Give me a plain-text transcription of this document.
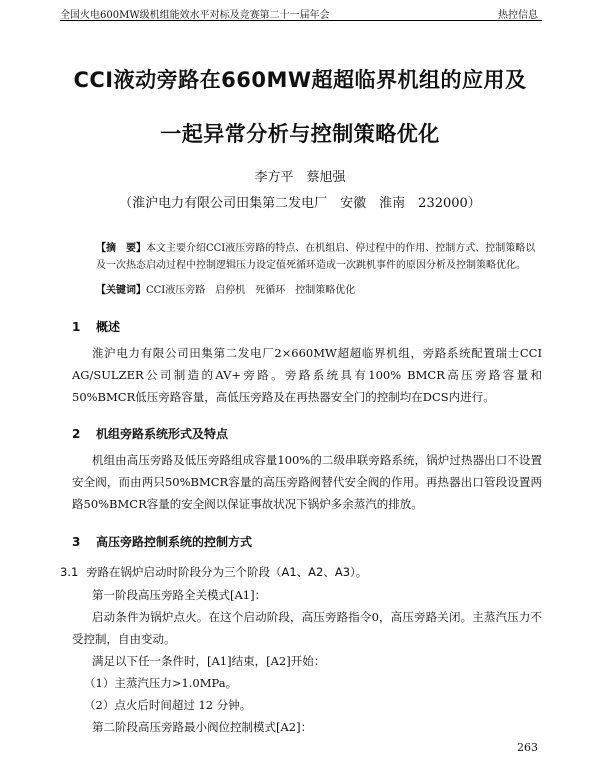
全国火电600MW级机组能效水平对标及竞赛第二十一届年会	热控信息
CCI液动旁路在660MW超超临界机组的应用及
一起异常分析与控制策略优化
李方平　蔡旭强
（淮沪电力有限公司田集第二发电厂　安徽　淮南　232000）
【摘　要】本文主要介绍CCI液压旁路的特点、在机组启、停过程中的作用、控制方式、控制策略以及一次热态启动过程中控制逻辑压力设定值死循环造成一次跳机事件的原因分析及控制策略优化。
【关键词】CCI液压旁路　启停机　死循环　控制策略优化
1 概述
淮沪电力有限公司田集第二发电厂2×660MW超超临界机组，旁路系统配置瑞士CCI AG/SULZER公司制造的AV+旁路。旁路系统具有100% BMCR高压旁路容量和50%BMCR低压旁路容量，高低压旁路及在再热器安全门的控制均在DCS内进行。
2 机组旁路系统形式及特点
机组由高压旁路及低压旁路组成容量100%的二级串联旁路系统，锅炉过热器出口不设置安全阀，而由两只50%BMCR容量的高压旁路阀替代安全阀的作用。再热器出口管段设置两路50%BMCR容量的安全阀以保证事故状况下锅炉多余蒸汽的排放。
3 高压旁路控制系统的控制方式
3.1 旁路在锅炉启动时阶段分为三个阶段（A1、A2、A3）。
第一阶段高压旁路全关模式[A1]：
启动条件为锅炉点火。在这个启动阶段，高压旁路指令0，高压旁路关闭。主蒸汽压力不受控制，自由变动。
满足以下任一条件时，[A1]结束，[A2]开始：
（1）主蒸汽压力>1.0MPa。
（2）点火后时间超过 12 分钟。
第二阶段高压旁路最小阀位控制模式[A2]：
263
